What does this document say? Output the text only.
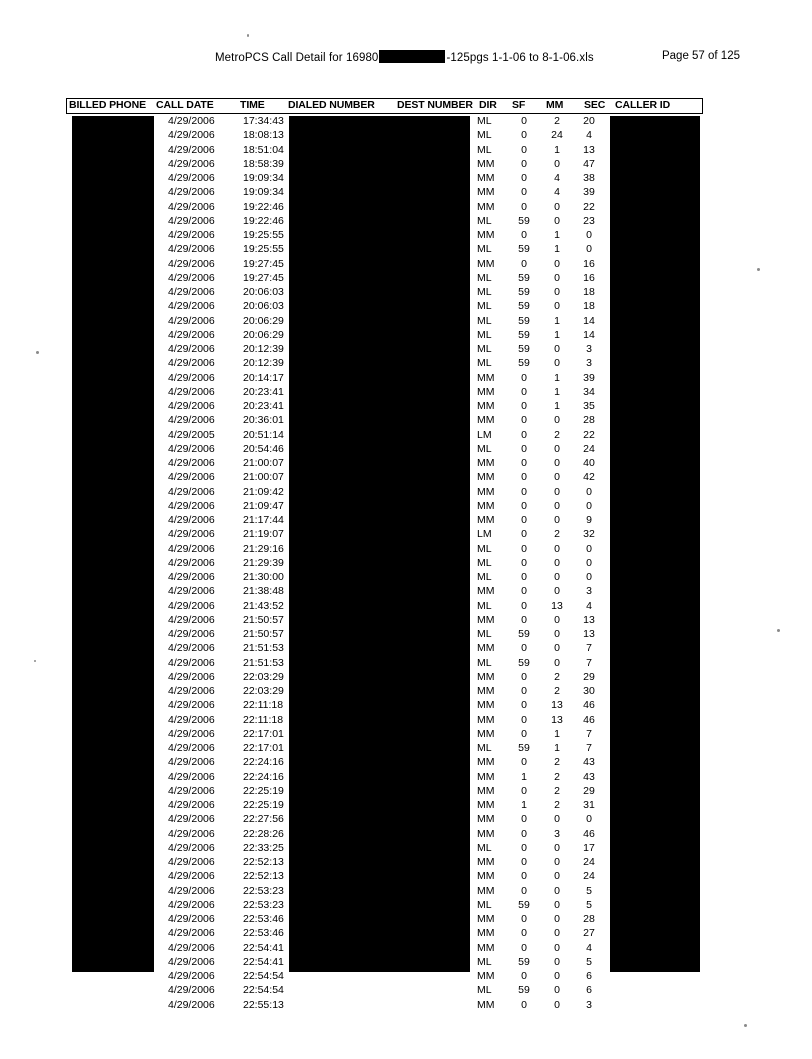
MetroPCS Call Detail for 16980	-125pgs 1-1-06 to 8-1-06.xls	Page 57 of 125
BILLED PHONE CALL DATE	TIME DIALED NUMBER DEST NUMBER DIR SF MM SEC CALLER ID
4/29/2006	17:34:43	ML	0	2	20
4/29/2006	18:08:13	ML	0	24	4
4/29/2006	18:51:04	ML	0	1	13
4/29/2006	18:58:39	MM	0	0	47
4/29/2006	19:09:34	MM	0	4	38
4/29/2006	19:09:34	MM	0	4	39
4/29/2006	19:22:46	MM	0	0	22
4/29/2006	19:22:46	ML	59	0	23
4/29/2006	19:25:55	MM	0	1	0
4/29/2006	19:25:55	ML	59	1	0
4/29/2006	19:27:45	MM	0	0	16
4/29/2006	19:27:45	ML	59	0	16
4/29/2006	20:06:03	ML	59	0	18
4/29/2006	20:06:03	ML	59	0	18
4/29/2006	20:06:29	ML	59	1	14
4/29/2006	20:06:29	ML	59	1	14
4/29/2006	20:12:39	ML	59	0	3
4/29/2006	20:12:39	ML	59	0	3
4/29/2006	20:14:17	MM	0	1	39
4/29/2006	20:23:41	MM	0	1	34
4/29/2006	20:23:41	MM	0	1	35
4/29/2006	20:36:01	MM	0	0	28
4/29/2005	20:51:14	LM	0	2	22
4/29/2006	20:54:46	ML	0	0	24
4/29/2006	21:00:07	MM	0	0	40
4/29/2006	21:00:07	MM	0	0	42
4/29/2006	21:09:42	MM	0	0	0
4/29/2006	21:09:47	MM	0	0	0
4/29/2006	21:17:44	MM	0	0	9
4/29/2006	21:19:07	LM	0	2	32
4/29/2006	21:29:16	ML	0	0	0
4/29/2006	21:29:39	ML	0	0	0
4/29/2006	21:30:00	ML	0	0	0
4/29/2006	21:38:48	MM	0	0	3
4/29/2006	21:43:52	ML	0	13	4
4/29/2006	21:50:57	MM	0	0	13
4/29/2006	21:50:57	ML	59	0	13
4/29/2006	21:51:53	MM	0	0	7
4/29/2006	21:51:53	ML	59	0	7
4/29/2006	22:03:29	MM	0	2	29
4/29/2006	22:03:29	MM	0	2	30
4/29/2006	22:11:18	MM	0	13	46
4/29/2006	22:11:18	MM	0	13	46
4/29/2006	22:17:01	MM	0	1	7
4/29/2006	22:17:01	ML	59	1	7
4/29/2006	22:24:16	MM	0	2	43
4/29/2006	22:24:16	MM	1	2	43
4/29/2006	22:25:19	MM	0	2	29
4/29/2006	22:25:19	MM	1	2	31
4/29/2006	22:27:56	MM	0	0	0
4/29/2006	22:28:26	MM	0	3	46
4/29/2006	22:33:25	ML	0	0	17
4/29/2006	22:52:13	MM	0	0	24
4/29/2006	22:52:13	MM	0	0	24
4/29/2006	22:53:23	MM	0	0	5
4/29/2006	22:53:23	ML	59	0	5
4/29/2006	22:53:46	MM	0	0	28
4/29/2006	22:53:46	MM	0	0	27
4/29/2006	22:54:41	MM	0	0	4
4/29/2006	22:54:41	ML	59	0	5
4/29/2006	22:54:54	MM	0	0	6
4/29/2006	22:54:54	ML	59	0	6
4/29/2006	22:55:13	MM	0	0	3
